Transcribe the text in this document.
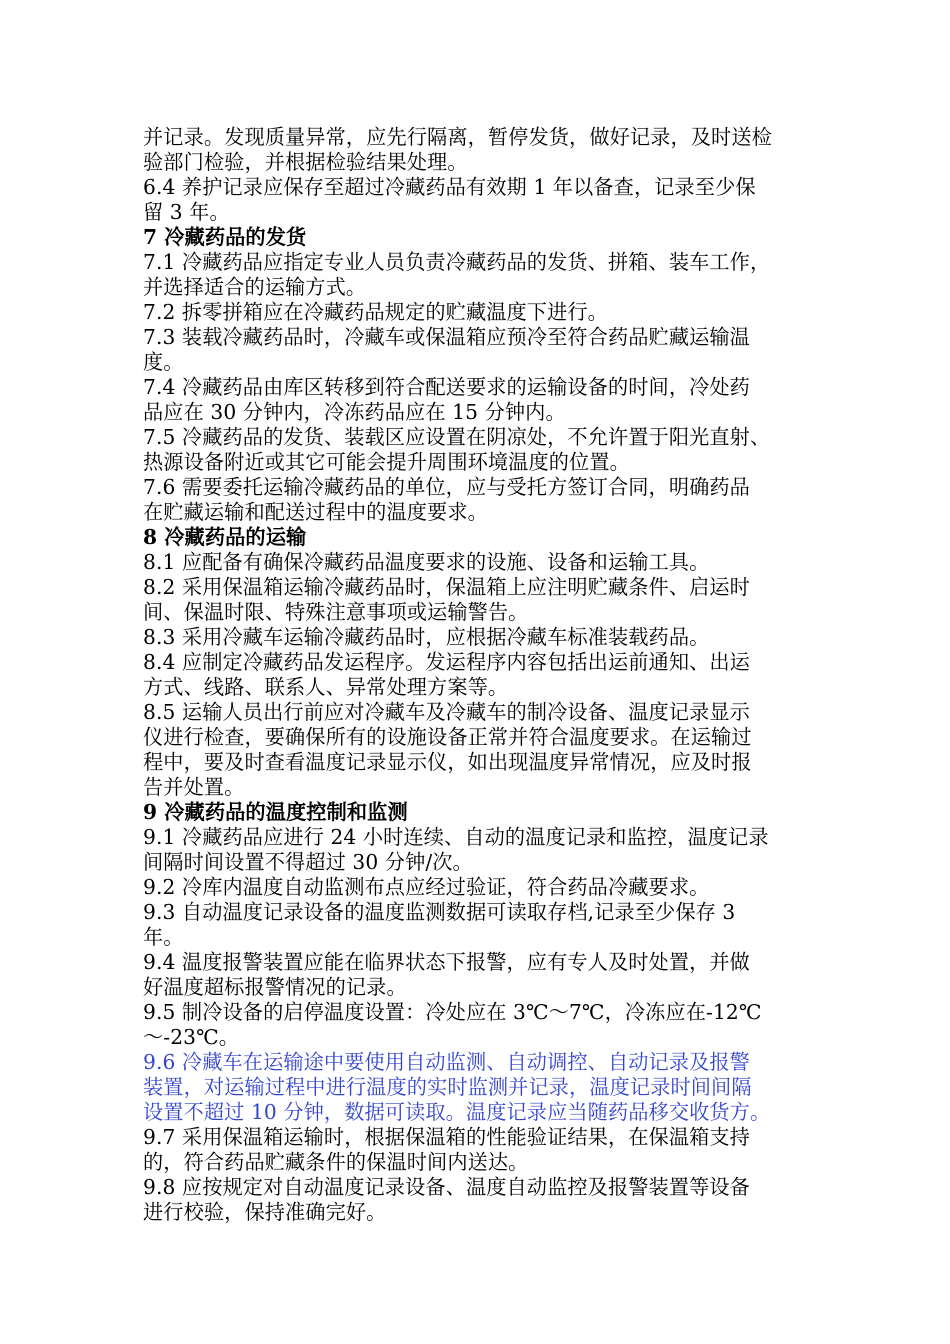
并记录。发现质量异常，应先行隔离，暂停发货，做好记录，及时送检
验部门检验，并根据检验结果处理。
6.4 养护记录应保存至超过冷藏药品有效期 1 年以备查，记录至少保
留 3 年。
7 冷藏药品的发货
7.1 冷藏药品应指定专业人员负责冷藏药品的发货、拼箱、装车工作，
并选择适合的运输方式。
7.2 拆零拼箱应在冷藏药品规定的贮藏温度下进行。
7.3 装载冷藏药品时，冷藏车或保温箱应预冷至符合药品贮藏运输温
度。
7.4 冷藏药品由库区转移到符合配送要求的运输设备的时间，冷处药
品应在 30 分钟内，冷冻药品应在 15 分钟内。
7.5 冷藏药品的发货、装载区应设置在阴凉处，不允许置于阳光直射、
热源设备附近或其它可能会提升周围环境温度的位置。
7.6 需要委托运输冷藏药品的单位，应与受托方签订合同，明确药品
在贮藏运输和配送过程中的温度要求。
8 冷藏药品的运输
8.1 应配备有确保冷藏药品温度要求的设施、设备和运输工具。
8.2 采用保温箱运输冷藏药品时，保温箱上应注明贮藏条件、启运时
间、保温时限、特殊注意事项或运输警告。
8.3 采用冷藏车运输冷藏药品时，应根据冷藏车标准装载药品。
8.4 应制定冷藏药品发运程序。发运程序内容包括出运前通知、出运
方式、线路、联系人、异常处理方案等。
8.5 运输人员出行前应对冷藏车及冷藏车的制冷设备、温度记录显示
仪进行检查，要确保所有的设施设备正常并符合温度要求。在运输过
程中，要及时查看温度记录显示仪，如出现温度异常情况，应及时报
告并处置。
9 冷藏药品的温度控制和监测
9.1 冷藏药品应进行 24 小时连续、自动的温度记录和监控，温度记录
间隔时间设置不得超过 30 分钟/次。
9.2 冷库内温度自动监测布点应经过验证，符合药品冷藏要求。
9.3 自动温度记录设备的温度监测数据可读取存档,记录至少保存 3
年。
9.4 温度报警装置应能在临界状态下报警，应有专人及时处置，并做
好温度超标报警情况的记录。
9.5 制冷设备的启停温度设置：冷处应在 3℃～7℃，冷冻应在-12℃
～-23℃。
9.6 冷藏车在运输途中要使用自动监测、自动调控、自动记录及报警
装置，对运输过程中进行温度的实时监测并记录，温度记录时间间隔
设置不超过 10 分钟，数据可读取。温度记录应当随药品移交收货方。
9.7 采用保温箱运输时，根据保温箱的性能验证结果，在保温箱支持
的，符合药品贮藏条件的保温时间内送达。
9.8 应按规定对自动温度记录设备、温度自动监控及报警装置等设备
进行校验，保持准确完好。
